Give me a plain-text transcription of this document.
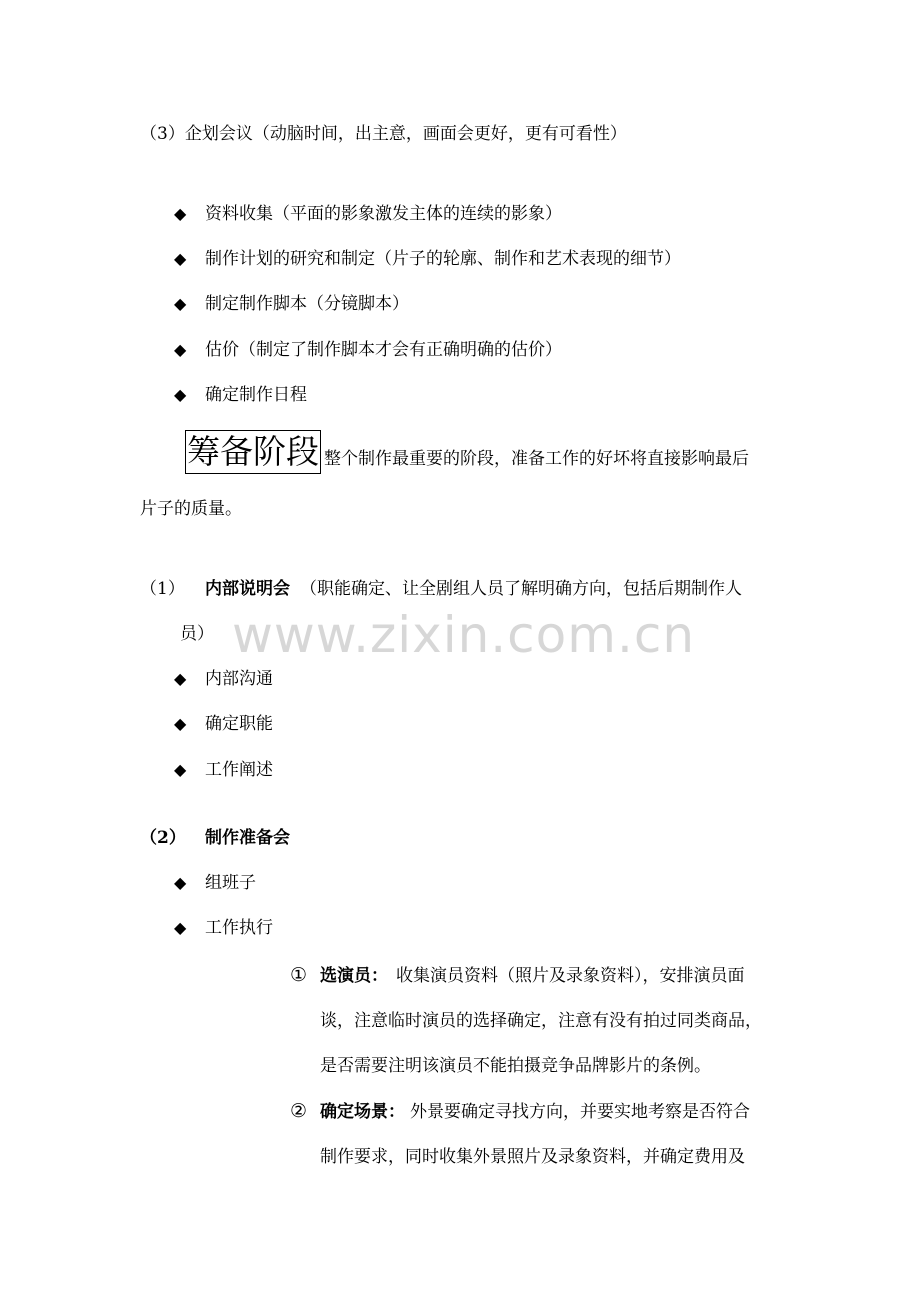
（3）企划会议（动脑时间，出主意，画面会更好，更有可看性）
◆ 资料收集（平面的影象激发主体的连续的影象）
◆ 制作计划的研究和制定（片子的轮廓、制作和艺术表现的细节）
◆ 制定制作脚本（分镜脚本）
◆ 估价（制定了制作脚本才会有正确明确的估价）
◆ 确定制作日程
筹备阶段 整个制作最重要的阶段，准备工作的好坏将直接影响最后
片子的质量。
www.zixin.com.cn
（1） 内部说明会 （职能确定、让全剧组人员了解明确方向，包括后期制作人
员）
◆ 内部沟通
◆ 确定职能
◆ 工作阐述
（2） 制作准备会
◆ 组班子
◆ 工作执行
① 选演员： 收集演员资料（照片及录象资料），安排演员面
谈，注意临时演员的选择确定，注意有没有拍过同类商品，
是否需要注明该演员不能拍摄竞争品牌影片的条例。
② 确定场景： 外景要确定寻找方向，并要实地考察是否符合
制作要求，同时收集外景照片及录象资料，并确定费用及
